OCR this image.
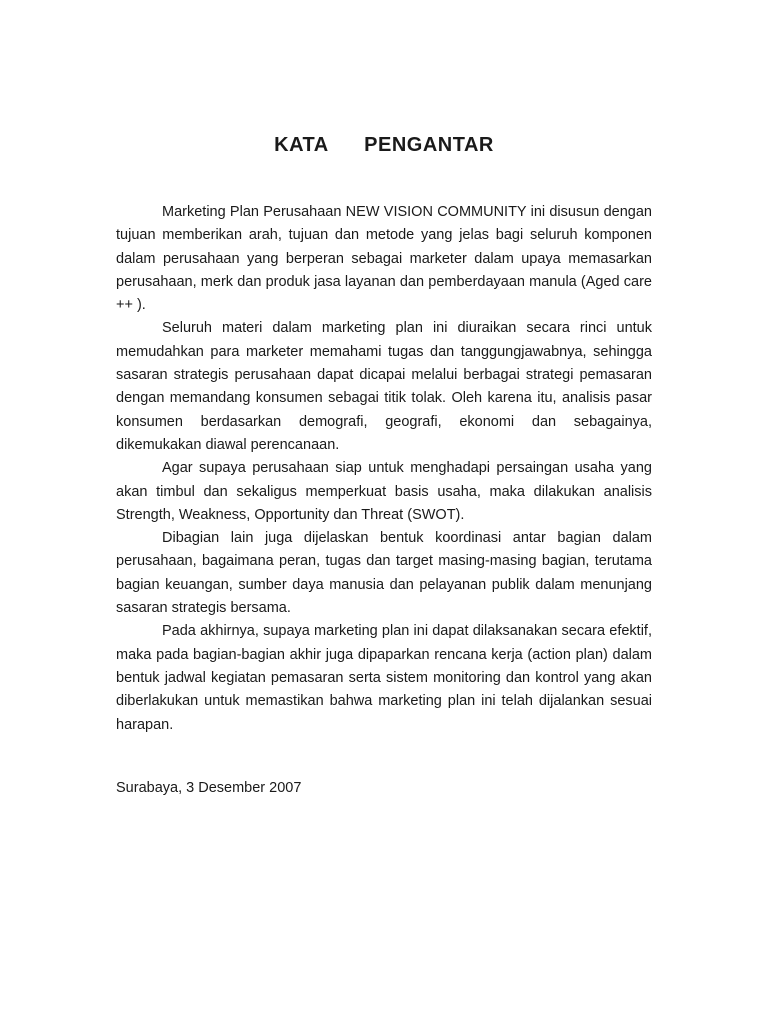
KATA   PENGANTAR

Marketing Plan Perusahaan NEW VISION COMMUNITY ini disusun dengan tujuan memberikan arah, tujuan dan metode yang jelas bagi seluruh komponen dalam perusahaan yang berperan sebagai marketer dalam upaya memasarkan perusahaan, merk dan produk jasa layanan dan pemberdayaan manula (Aged care ++ ).

Seluruh materi dalam marketing plan ini diuraikan secara rinci untuk memudahkan para marketer memahami tugas dan tanggungjawabnya, sehingga sasaran strategis perusahaan dapat dicapai melalui berbagai strategi pemasaran dengan memandang konsumen sebagai titik tolak. Oleh karena itu, analisis pasar konsumen berdasarkan demografi, geografi, ekonomi dan sebagainya, dikemukakan diawal perencanaan.

Agar supaya perusahaan siap untuk menghadapi persaingan usaha yang akan timbul dan sekaligus memperkuat basis usaha, maka dilakukan analisis Strength, Weakness, Opportunity dan Threat (SWOT).

Dibagian lain juga dijelaskan bentuk koordinasi antar bagian dalam perusahaan, bagaimana peran, tugas dan target masing-masing bagian, terutama bagian keuangan, sumber daya manusia dan pelayanan publik dalam menunjang sasaran strategis bersama.

Pada akhirnya, supaya marketing plan ini dapat dilaksanakan secara efektif, maka pada bagian-bagian akhir juga dipaparkan rencana kerja (action plan) dalam bentuk jadwal kegiatan pemasaran serta sistem monitoring dan kontrol yang akan diberlakukan untuk memastikan bahwa marketing plan ini telah dijalankan sesuai harapan.

Surabaya, 3 Desember 2007
